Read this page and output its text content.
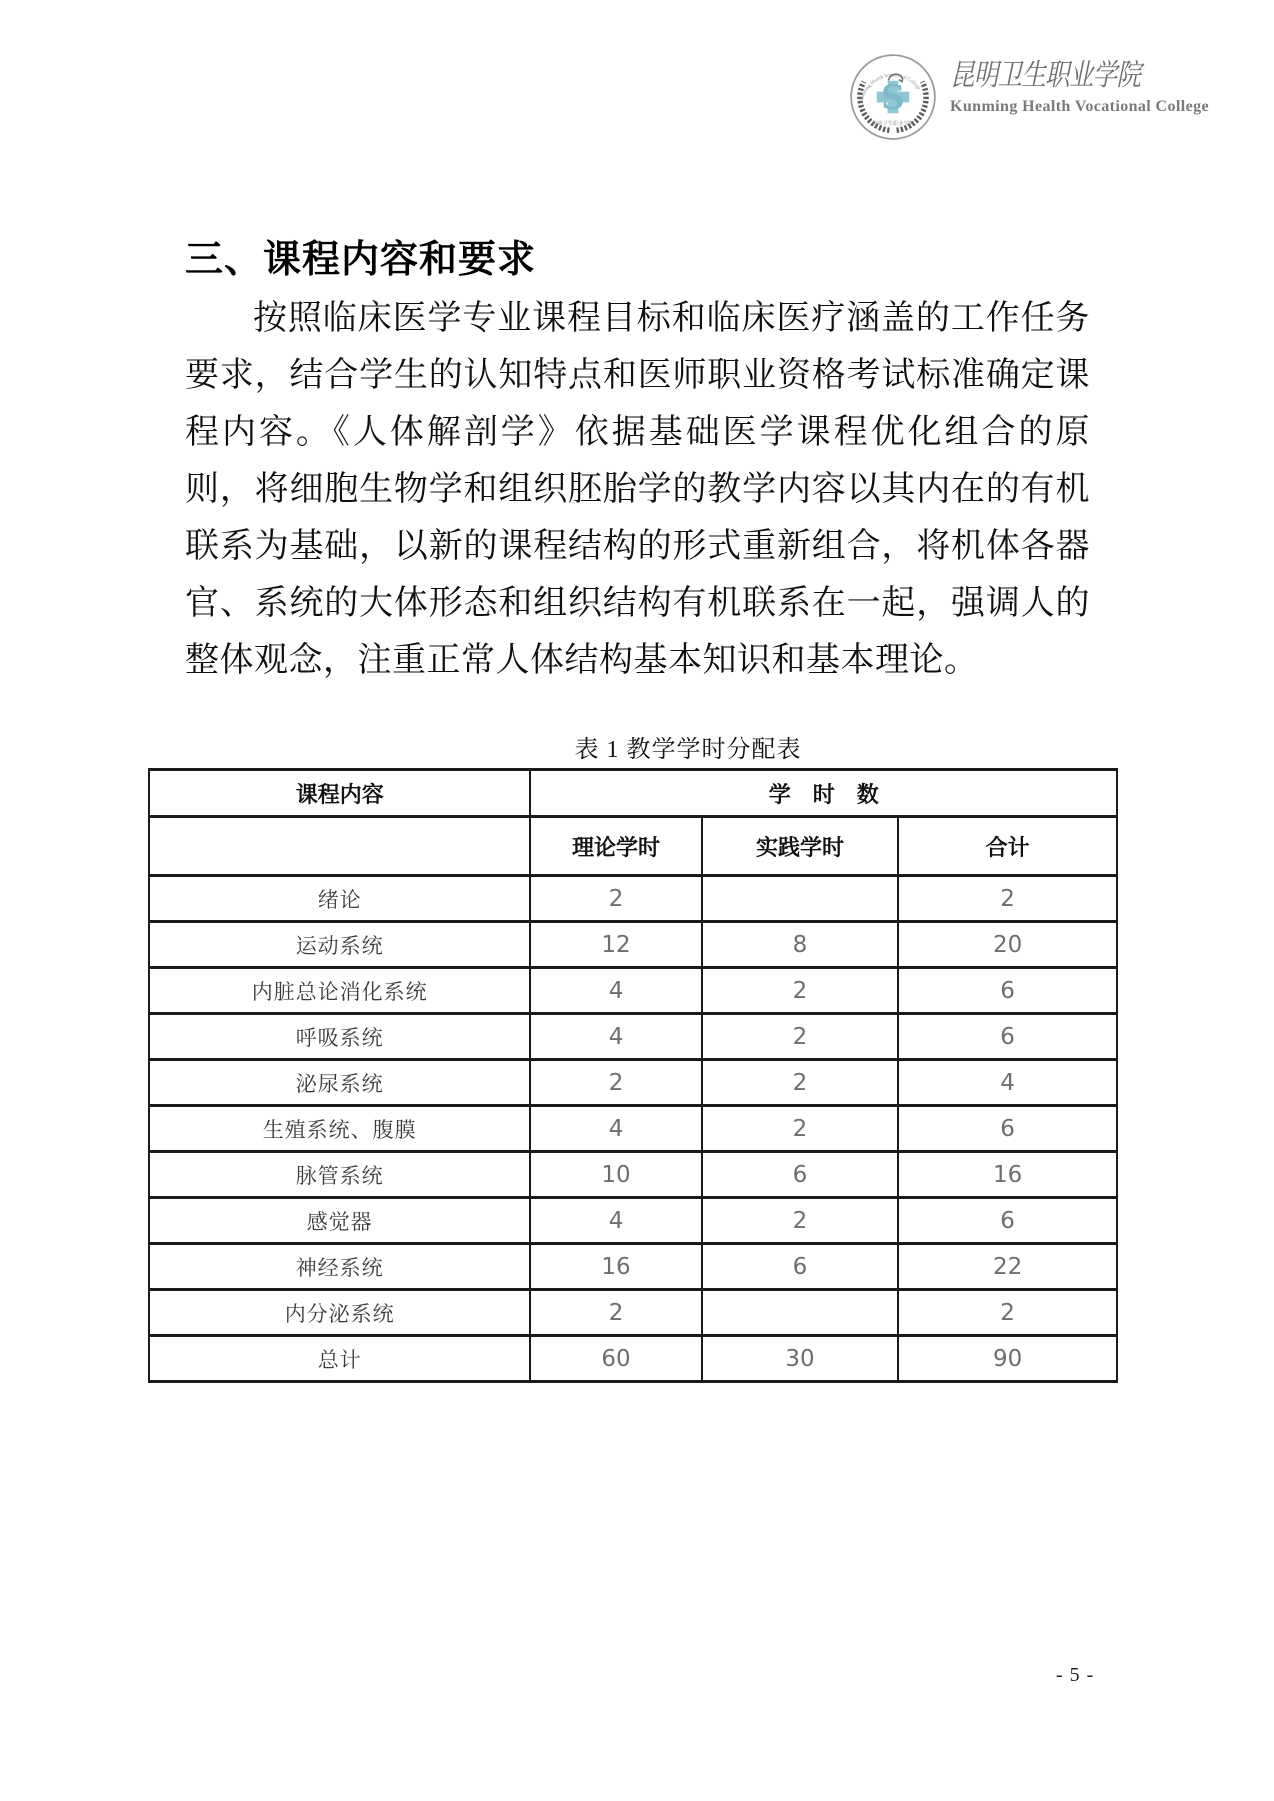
Kunming Health Vocational College
S
昆明卫生职业学院
昆明卫生职业学院
Kunming Health Vocational College
三、课程内容和要求
按照临床医学专业课程目标和临床医疗涵盖的工作任务要求，结合学生的认知特点和医师职业资格考试标准确定课程内容。《人体解剖学》依据基础医学课程优化组合的原则，将细胞生物学和组织胚胎学的教学内容以其内在的有机联系为基础，以新的课程结构的形式重新组合，将机体各器官、系统的大体形态和组织结构有机联系在一起，强调人的整体观念，注重正常人体结构基本知识和基本理论。
表 1 教学学时分配表
课程内容	学　时　数		
	理论学时	实践学时	合计
绪论	2		2
运动系统	12	8	20
内脏总论消化系统	4	2	6
呼吸系统	4	2	6
泌尿系统	2	2	4
生殖系统、腹膜	4	2	6
脉管系统	10	6	16
感觉器	4	2	6
神经系统	16	6	22
内分泌系统	2		2
总计	60	30	90
- 5 -
